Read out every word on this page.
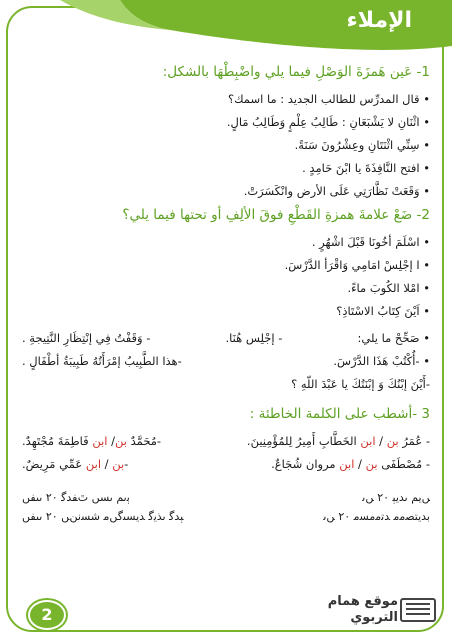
الإملاء
1- عَين هَمزَةَ الوَصْلِ فيما يلي واضْبِطْهَا بالشكل:
• قال المدرِّس للطالب الجديد : ما اسمك؟
• اثْنَانِ لا يَشْبَعَانِ : طَالِبُ عِلْمٍ وَطَالِبُ مَالٍ.
• سِنِّي اثْنَتَانِ وعِشْرُونَ سَنَةً.
• افتح النَّافِذَةَ يا ابْنَ حَامِدٍ .
• وَقَعَتْ نَظَّارَتِي عَلَى الأرض وانْكَسَرَتْ.
2- ضَعْ علامةَ همزةِ القَطْعِ فوقَ الألِفِ أو تحتها فيما يلي؟
• اسْلَمَ أخُونَا قَبْلَ اشْهُرٍ .
• ا إجْلِسْ امَامِي وَاقْرَأ الدَّرْسَ.
• امْلا الكُوبَ ماءً.
• اَيْنَ كِتَابُ الاسْتَاذِ؟
• صَحِّحْ ما يلي:
- إجْلِس هُنَا.
- وَقَفْتُ فِي إنْتِظَارِ النَّتِيجةِ .
• -أُكْتُبْ هَذَا الدَّرْسَ.
-هذا الطَّبِيبُ إمْرَأَتُهُ طَبِيبَةُ أطْفَالٍ .
-أَيْنَ إبْنُكَ وَ إبْنَتُكَ يا عَبْدَ اللّهِ ؟
3 -أشطب على الكلمة الخاطئة :
- عُمَرُ بن / ابن الخَطَّابِ أَمِيرُ لِلمُؤْمِنِينَ.
-مُحَمَّدٌ بن/ ابن فَاطِمَةَ مُجْتَهِدٌ.
- مُصْطَفَى بن / ابن مروان شُجَاعٌ.
-بن / ابن عَمِّي مَرِيضٌ.
ﮟﻳﻢ ﯨﺪﻳﯧ ٢٠ ﮟﯨ
ﭔﯨﻢ ﯨﺴﮟ ﭢﻔﺪﮔ ٢٠ ﯨﯩﻔﮟ
ﺑﺪﻳﺘﺼﻣﻣ ﺪﺗﻣﻣﺴﻣ ٢٠ ﮟﯨ
ﭕﺪﮔ ﯨﺬﻳﮔ ﺪﻳﺴﯩﮔﮟﻣ ﺷﺴﻧﻦﮟ ٢٠ ﯨﯩﻔﮟ
2
موقع همام
التربوي
